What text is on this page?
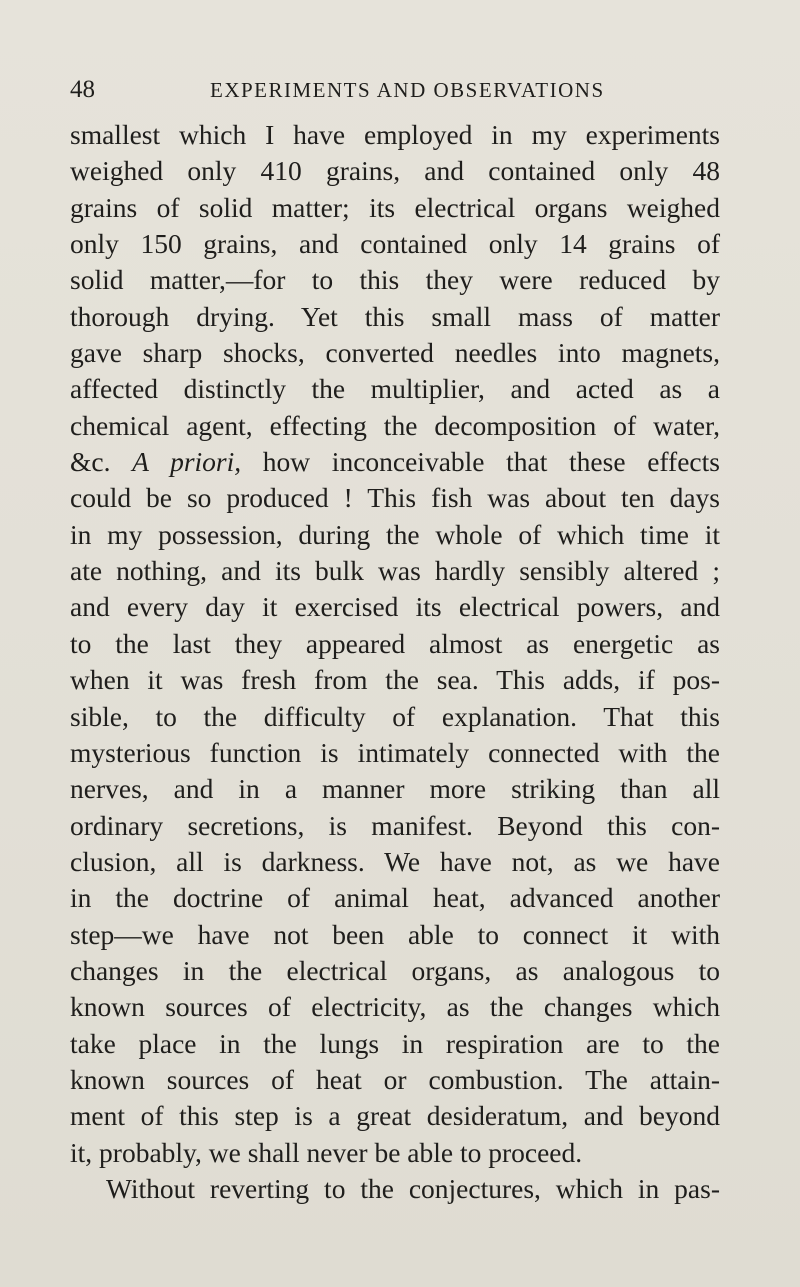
48	EXPERIMENTS AND OBSERVATIONS
smallest which I have employed in my experiments
weighed only 410 grains, and contained only 48
grains of solid matter; its electrical organs weighed
only 150 grains, and contained only 14 grains of
solid matter,—for to this they were reduced by
thorough drying. Yet this small mass of matter
gave sharp shocks, converted needles into magnets,
affected distinctly the multiplier, and acted as a
chemical agent, effecting the decomposition of water,
&c. A priori, how inconceivable that these effects
could be so produced ! This fish was about ten days
in my possession, during the whole of which time it
ate nothing, and its bulk was hardly sensibly altered ;
and every day it exercised its electrical powers, and
to the last they appeared almost as energetic as
when it was fresh from the sea. This adds, if pos-
sible, to the difficulty of explanation. That this
mysterious function is intimately connected with the
nerves, and in a manner more striking than all
ordinary secretions, is manifest. Beyond this con-
clusion, all is darkness. We have not, as we have
in the doctrine of animal heat, advanced another
step—we have not been able to connect it with
changes in the electrical organs, as analogous to
known sources of electricity, as the changes which
take place in the lungs in respiration are to the
known sources of heat or combustion. The attain-
ment of this step is a great desideratum, and beyond
it, probably, we shall never be able to proceed.
Without reverting to the conjectures, which in pas-
